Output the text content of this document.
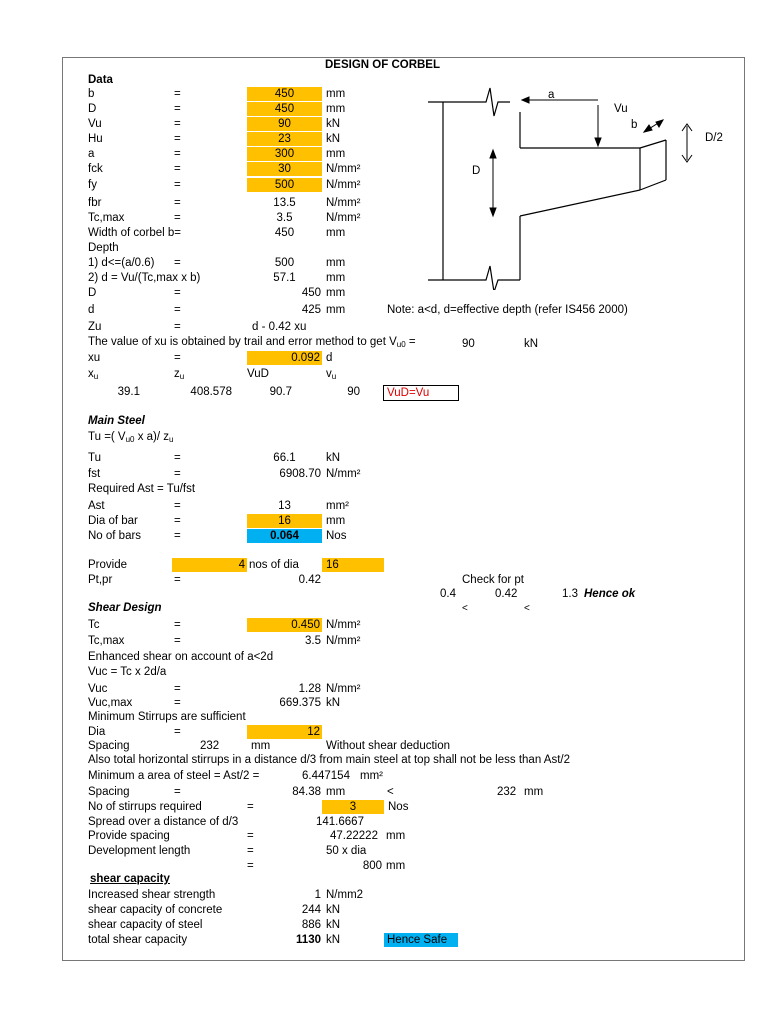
DESIGN OF CORBEL
Data
b	=	450	mm
D	=	450	mm
Vu	=	90	kN
Hu	=	23	kN
a	=	300	mm
fck	=	30	N/mm²
fy	=	500	N/mm²
fbr	=	13.5	N/mm²
Tc,max	=	3.5	N/mm²
Width of corbel b=	450	mm
Depth
1) d<=(a/0.6) =	500	mm
2) d = Vu/(Tc,max x b)	57.1	mm
D	=	450 mm
d	=	425 mm	Note: a<d, d=effective depth (refer IS456 2000)
Zu	=	d - 0.42 xu
The value of xu is obtained by trail and error method to get $V_{u0}$ =	90	kN
xu	=	0.092 d
$x_u$	$z_u$	VuD	$v_u$
39.1	408.578	90.7	90	VuD=Vu
Main Steel
Tu =( $V_{u0}$ x a)/ $z_u$
Tu	=	66.1	kN
fst	=	6908.70 N/mm²
Required Ast = Tu/fst
Ast	=	13	mm²
Dia of bar	=	16	mm
No of bars	=	0.064	Nos
Provide	4 nos of dia	16
Pt,pr	=	0.42	Check for pt
0.4	0.42	1.3 Hence ok
<	<
Shear Design
Tc	=	0.450 N/mm²
Tc,max	=	3.5 N/mm²
Enhanced shear on account of a<2d
Vuc = Tc x 2d/a
Vuc	=	1.28 N/mm²
Vuc,max	=	669.375 kN
Minimum Stirrups are sufficient
Dia	=	12
Spacing	232	mm	Without shear deduction
Also total horizontal stirrups in a distance d/3 from main steel at top shall not be less than Ast/2
Minimum a area of steel = Ast/2 =	6.447154 mm²
Spacing	=	84.38 mm	<	232 mm
No of stirrups required	=	3	Nos
Spread over a distance of d/3	141.6667
Provide spacing	=	47.22222 mm
Development length	=	50 x dia
=	800 mm
shear capacity
Increased shear strength	1 N/mm2
shear capacity of concrete	244 kN
shear capacity of steel	886 kN
total shear capacity	1130 kN	Hence Safe
a
Vu
b
D/2
D
